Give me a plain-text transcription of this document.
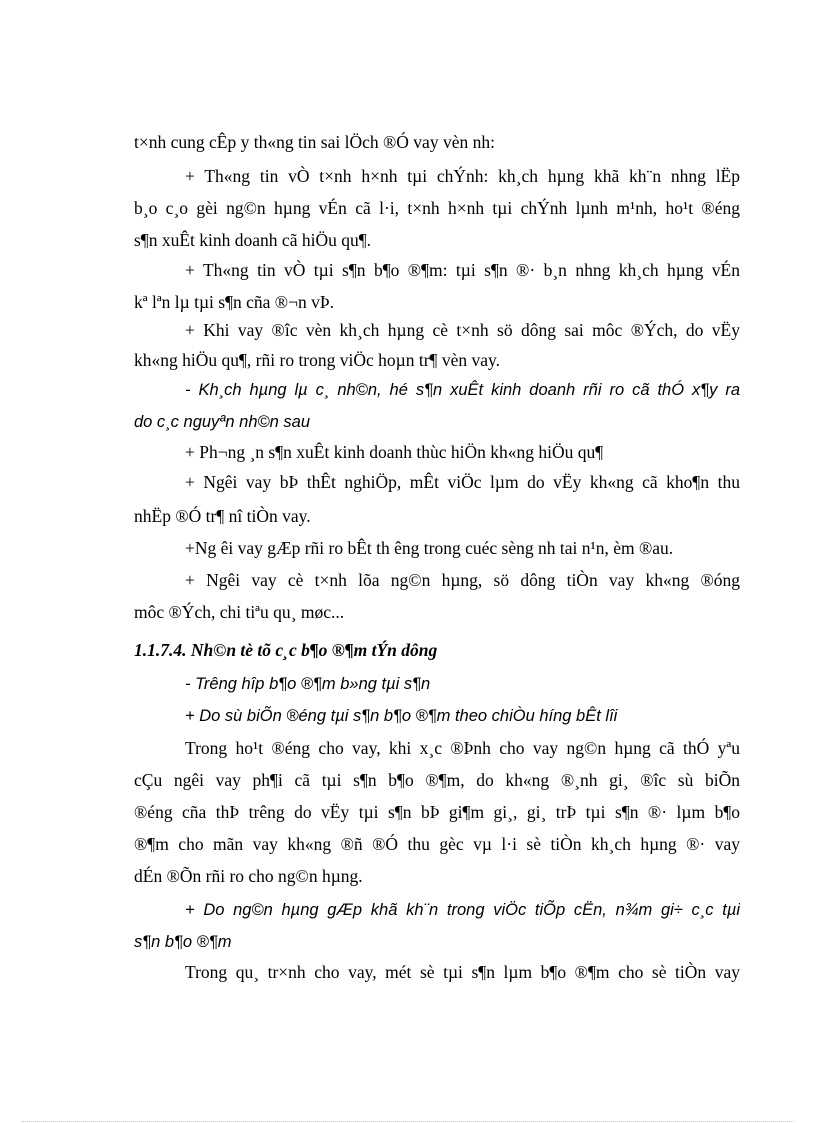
t×nh cung cÊp y th«ng tin sai lÖch ®Ó vay vèn nh:
+ Th«ng tin vÒ t×nh h×nh tµi chÝnh: kh¸ch hµng khã kh¨n nhng lËp
b¸o c¸o gèi ng©n hµng vÉn cã l·i, t×nh h×nh tµi chÝnh lµnh m¹nh, ho¹t ®éng
s¶n xuÊt kinh doanh cã hiÖu qu¶.
+ Th«ng tin vÒ tµi s¶n b¶o ®¶m: tµi s¶n ®· b¸n nhng kh¸ch hµng vÉn
kª lªn lµ tµi s¶n cña ®¬n vÞ.
+ Khi vay ®îc vèn kh¸ch hµng cè t×nh sö dông sai môc ®Ých, do vËy
kh«ng hiÖu qu¶, rñi ro trong viÖc hoµn tr¶ vèn vay.
- Kh¸ch hµng lµ c¸ nh©n, hé s¶n xuÊt kinh doanh rñi ro cã thÓ x¶y ra
do c¸c nguyªn nh©n sau
+ Ph¬ng ¸n s¶n xuÊt kinh doanh thùc hiÖn kh«ng hiÖu qu¶
+ Ngêi vay bÞ thÊt nghiÖp, mÊt viÖc lµm do vËy kh«ng cã kho¶n thu
nhËp ®Ó tr¶ nî tiÒn vay.
+Ng êi vay gÆp rñi ro bÊt th êng trong cuéc sèng nh tai n¹n, èm ®au.
+ Ngêi vay cè t×nh lõa ng©n hµng, sö dông tiÒn vay kh«ng ®óng
môc ®Ých, chi tiªu qu¸ møc...
1.1.7.4. Nh©n tè tõ c¸c b¶o ®¶m tÝn dông
- Trêng hîp b¶o ®¶m b»ng tµi s¶n
+ Do sù biÕn ®éng tµi s¶n b¶o ®¶m theo chiÒu híng bÊt lîi
Trong ho¹t ®éng cho vay, khi x¸c ®Þnh cho vay ng©n hµng cã thÓ yªu
cÇu ngêi vay ph¶i cã tµi s¶n b¶o ®¶m, do kh«ng ®¸nh gi¸ ®îc sù biÕn
®éng cña thÞ trêng do vËy tµi s¶n bÞ gi¶m gi¸, gi¸ trÞ tµi s¶n ®· lµm b¶o
®¶m cho mãn vay kh«ng ®ñ ®Ó thu gèc vµ l·i sè tiÒn kh¸ch hµng ®· vay
dÉn ®Õn rñi ro cho ng©n hµng.
+ Do ng©n hµng gÆp khã kh¨n trong viÖc tiÕp cËn, n¾m gi÷ c¸c tµi
s¶n b¶o ®¶m
Trong qu¸ tr×nh cho vay, mét sè tµi s¶n lµm b¶o ®¶m cho sè tiÒn vay
